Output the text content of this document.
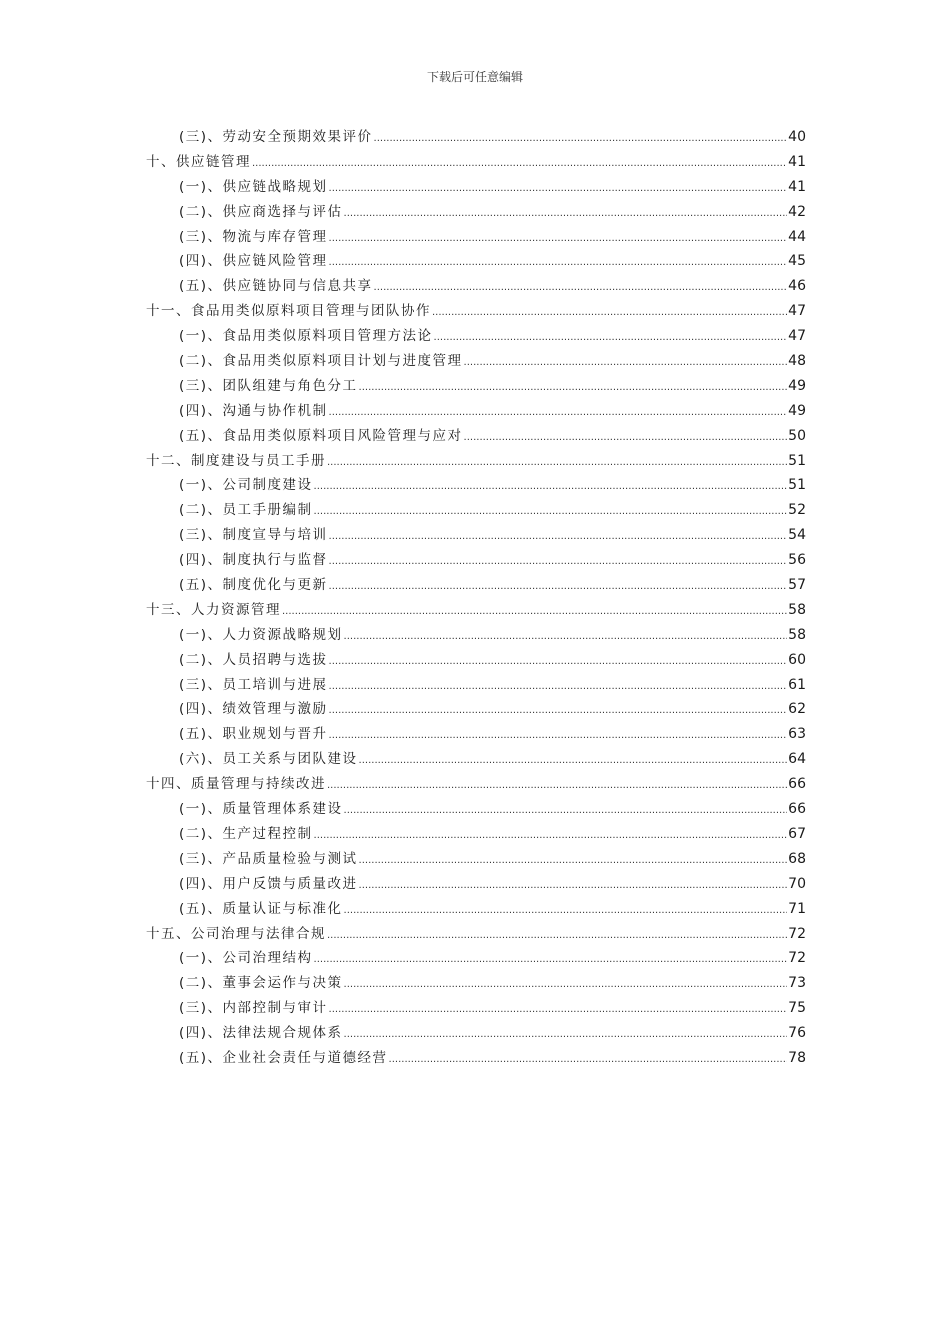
下载后可任意编辑
(三)、劳动安全预期效果评价 .....	40
十、供应链管理 .....	41
(一)、供应链战略规划 .....	41
(二)、供应商选择与评估 .....	42
(三)、物流与库存管理 .....	44
(四)、供应链风险管理 .....	45
(五)、供应链协同与信息共享 .....	46
十一、食品用类似原料项目管理与团队协作 .....	47
(一)、食品用类似原料项目管理方法论 .....	47
(二)、食品用类似原料项目计划与进度管理 .....	48
(三)、团队组建与角色分工 .....	49
(四)、沟通与协作机制 .....	49
(五)、食品用类似原料项目风险管理与应对 .....	50
十二、制度建设与员工手册 .....	51
(一)、公司制度建设 .....	51
(二)、员工手册编制 .....	52
(三)、制度宣导与培训 .....	54
(四)、制度执行与监督 .....	56
(五)、制度优化与更新 .....	57
十三、人力资源管理 .....	58
(一)、人力资源战略规划 .....	58
(二)、人员招聘与选拔 .....	60
(三)、员工培训与进展 .....	61
(四)、绩效管理与激励 .....	62
(五)、职业规划与晋升 .....	63
(六)、员工关系与团队建设 .....	64
十四、质量管理与持续改进 .....	66
(一)、质量管理体系建设 .....	66
(二)、生产过程控制 .....	67
(三)、产品质量检验与测试 .....	68
(四)、用户反馈与质量改进 .....	70
(五)、质量认证与标准化 .....	71
十五、公司治理与法律合规 .....	72
(一)、公司治理结构 .....	72
(二)、董事会运作与决策 .....	73
(三)、内部控制与审计 .....	75
(四)、法律法规合规体系 .....	76
(五)、企业社会责任与道德经营 .....	78
